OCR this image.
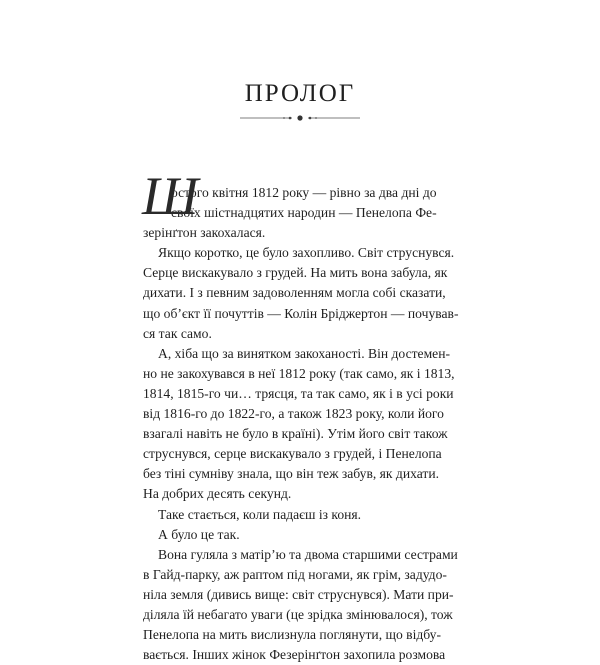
ПРОЛОГ
Ш
остого квітня 1812 року — рівно за два дні до
своїх шістнадцятих народин — Пенелопа Фе-
зерінґтон закохалася.
Якщо коротко, це було захопливо. Світ струснувся.
Серце вискакувало з грудей. На мить вона забула, як
дихати. І з певним задоволенням могла собі сказати,
що об’єкт її почуттів — Колін Бріджертон — почував-
ся так само.
А, хіба що за винятком закоханості. Він достемен-
но не закохувався в неї 1812 року (так само, як і 1813,
1814, 1815-го чи… трясця, та так само, як і в усі роки
від 1816-го до 1822-го, а також 1823 року, коли його
взагалі навіть не було в країні). Утім його світ також
струснувся, серце вискакувало з грудей, і Пенелопа
без тіні сумніву знала, що він теж забув, як дихати.
На добрих десять секунд.
Таке стається, коли падаєш із коня.
А було це так.
Вона гуляла з матір’ю та двома старшими сестрами
в Гайд-парку, аж раптом під ногами, як грім, задудо-
ніла земля (дивись вище: світ струснувся). Мати при-
діляла їй небагато уваги (це зрідка змінювалося), тож
Пенелопа на мить вислизнула поглянути, що відбу-
вається. Інших жінок Фезерінґтон захопила розмова
